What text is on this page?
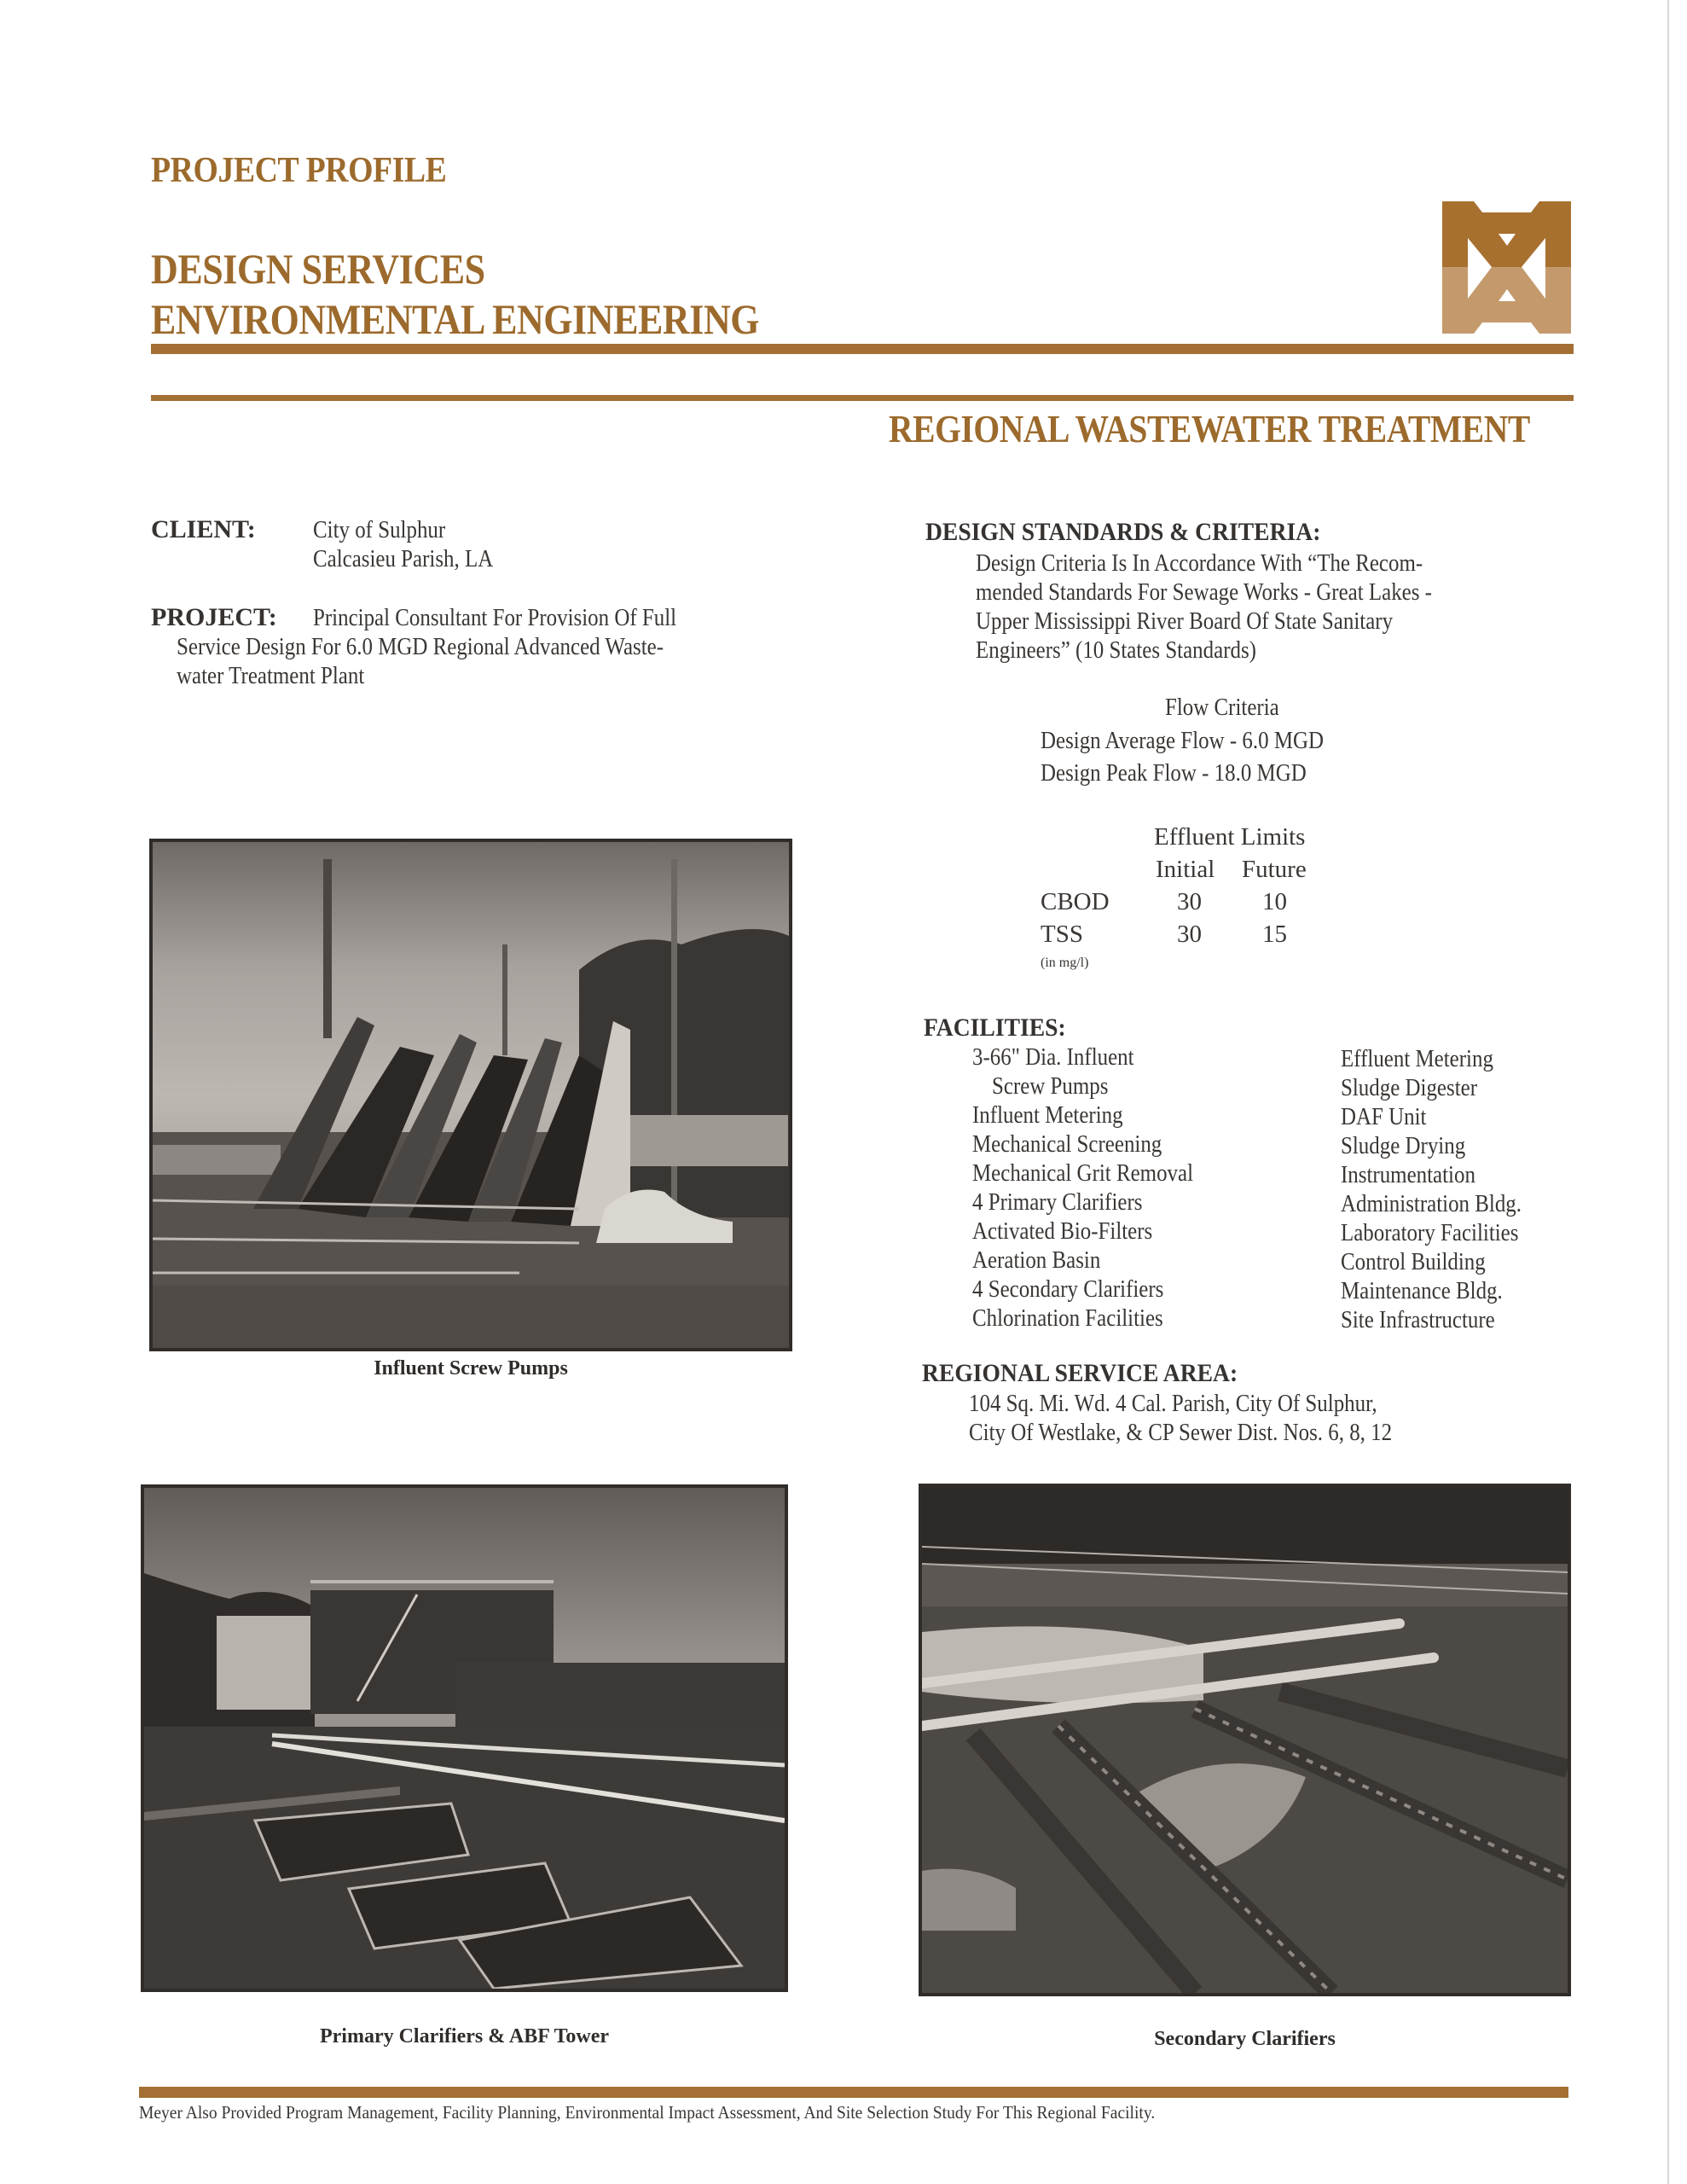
PROJECT PROFILE
DESIGN SERVICES
ENVIRONMENTAL ENGINEERING
REGIONAL WASTEWATER TREATMENT
CLIENT: City of Sulphur
Calcasieu Parish, LA
PROJECT: Principal Consultant For Provision Of Full
Service Design For 6.0 MGD Regional Advanced Waste-
water Treatment Plant
DESIGN STANDARDS & CRITERIA:
Design Criteria Is In Accordance With “The Recom-
mended Standards For Sewage Works - Great Lakes -
Upper Mississippi River Board Of State Sanitary
Engineers” (10 States Standards)
Flow Criteria
Design Average Flow - 6.0 MGD
Design Peak Flow - 18.0 MGD
Effluent Limits
Initial Future
CBOD	30 10
TSS	30 15
(in mg/l)
FACILITIES:
3-66" Dia. Influent
Screw Pumps
Influent Metering
Mechanical Screening
Mechanical Grit Removal
4 Primary Clarifiers
Activated Bio-Filters
Aeration Basin
4 Secondary Clarifiers
Chlorination Facilities
Effluent Metering
Sludge Digester
DAF Unit
Sludge Drying
Instrumentation
Administration Bldg.
Laboratory Facilities
Control Building
Maintenance Bldg.
Site Infrastructure
REGIONAL SERVICE AREA:
104 Sq. Mi. Wd. 4 Cal. Parish, City Of Sulphur,
City Of Westlake, & CP Sewer Dist. Nos. 6, 8, 12
Influent Screw Pumps
Primary Clarifiers & ABF Tower	Secondary Clarifiers
Meyer Also Provided Program Management, Facility Planning, Environmental Impact Assessment, And Site Selection Study For This Regional Facility.
